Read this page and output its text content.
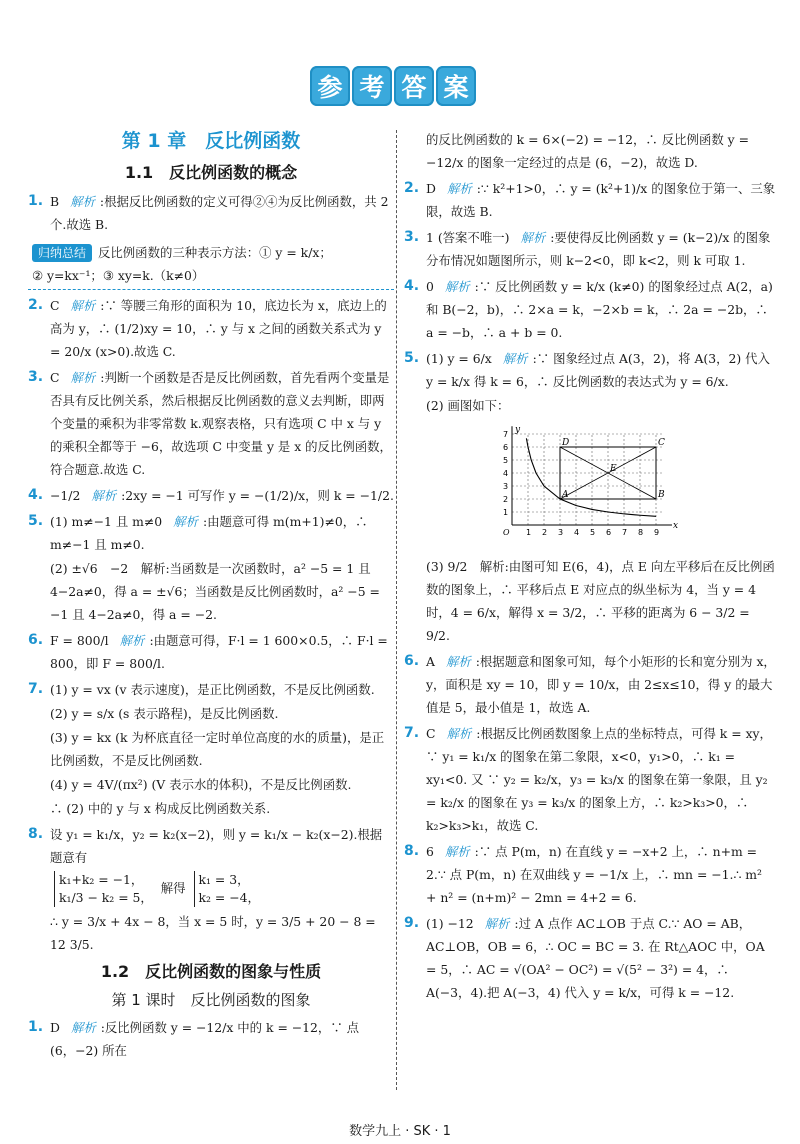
参 考 答 案
第 1 章　反比例函数
1.1　反比例函数的概念
1. B 解析 :根据反比例函数的定义可得②④为反比例函数，共 2 个.故选 B.
归纳总结 反比例函数的三种表示方法：① y = k/x；
② y=kx⁻¹；③ xy=k.（k≠0）
2. C 解析 :∵ 等腰三角形的面积为 10，底边长为 x，底边上的高为 y，∴ (1/2)xy = 10，∴ y 与 x 之间的函数关系式为 y = 20/x (x>0).故选 C.
3. C 解析 :判断一个函数是否是反比例函数，首先看两个变量是否具有反比例关系，然后根据反比例函数的意义去判断，即两个变量的乘积为非零常数 k.观察表格，只有选项 C 中 x 与 y 的乘积全都等于 −6，故选项 C 中变量 y 是 x 的反比例函数，符合题意.故选 C.
4. −1/2 解析 :2xy = −1 可写作 y = −(1/2)/x，则 k = −1/2.
5. (1) m≠−1 且 m≠0 解析 :由题意可得 m(m+1)≠0，∴ m≠−1 且 m≠0.
(2) ±√6　−2　解析:当函数是一次函数时，a² −5 = 1 且 4−2a≠0，得 a = ±√6；当函数是反比例函数时，a² −5 = −1 且 4−2a≠0，得 a = −2.
6. F = 800/l 解析 :由题意可得，F·l = 1 600×0.5，∴ F·l = 800，即 F = 800/l.
7. (1) y = vx (v 表示速度)，是正比例函数，不是反比例函数.
(2) y = s/x (s 表示路程)，是反比例函数.
(3) y = kx (k 为杯底直径一定时单位高度的水的质量)，是正比例函数，不是反比例函数.
(4) y = 4V/(πx²) (V 表示水的体积)，不是反比例函数.
∴ (2) 中的 y 与 x 构成反比例函数关系.
8. 设 y₁ = k₁/x，y₂ = k₂(x−2)，则 y = k₁/x − k₂(x−2).根据题意有
k₁+k₂ = −1，
k₁/3 − k₂ = 5， 解得 k₁ = 3，
k₂ = −4，
∴ y = 3/x + 4x − 8，当 x = 5 时，y = 3/5 + 20 − 8 = 12 3/5.
1.2　反比例函数的图象与性质
第 1 课时　反比例函数的图象
1. D 解析 :反比例函数 y = −12/x 中的 k = −12，∵ 点 (6，−2) 所在
的反比例函数的 k = 6×(−2) = −12，∴ 反比例函数 y = −12/x 的图象一定经过的点是 (6，−2)，故选 D.
2. D 解析 :∵ k²+1>0，∴ y = (k²+1)/x 的图象位于第一、三象限，故选 B.
3. 1 (答案不唯一) 解析 :要使得反比例函数 y = (k−2)/x 的图象分布情况如题图所示，则 k−2<0，即 k<2，则 k 可取 1.
4. 0 解析 :∵ 反比例函数 y = k/x (k≠0) 的图象经过点 A(2，a) 和 B(−2，b)，∴ 2×a = k，−2×b = k，∴ 2a = −2b，∴ a = −b，∴ a + b = 0.
5. (1) y = 6/x 解析 :∵ 图象经过点 A(3，2)，将 A(3，2) 代入 y = k/x 得 k = 6，∴ 反比例函数的表达式为 y = 6/x.
(2) 画图如下：
A	B
C
D
E
1 2 3 4 5 6 7 8 9
1
2
3
4
5
6
7
O
x
y
(3) 9/2　解析:由图可知 E(6，4)，点 E 向左平移后在反比例函数的图象上，∴ 平移后点 E 对应点的纵坐标为 4，当 y = 4 时，4 = 6/x，解得 x = 3/2，∴ 平移的距离为 6 − 3/2 = 9/2.
6. A 解析 :根据题意和图象可知，每个小矩形的长和宽分别为 x，y，面积是 xy = 10，即 y = 10/x，由 2≤x≤10，得 y 的最大值是 5，最小值是 1，故选 A.
7. C 解析 :根据反比例函数图象上点的坐标特点，可得 k = xy，∵ y₁ = k₁/x 的图象在第二象限，x<0，y₁>0，∴ k₁ = xy₁<0. 又 ∵ y₂ = k₂/x，y₃ = k₃/x 的图象在第一象限，且 y₂ = k₂/x 的图象在 y₃ = k₃/x 的图象上方，∴ k₂>k₃>0，∴ k₂>k₃>k₁，故选 C.
8. 6 解析 :∵ 点 P(m，n) 在直线 y = −x+2 上，∴ n+m = 2.∵ 点 P(m，n) 在双曲线 y = −1/x 上，∴ mn = −1.∴ m² + n² = (n+m)² − 2mn = 4+2 = 6.
9. (1) −12 解析 :过 A 点作 AC⊥OB 于点 C.∵ AO = AB，AC⊥OB，OB = 6，∴ OC = BC = 3. 在 Rt△AOC 中，OA = 5，∴ AC = √(OA² − OC²) = √(5² − 3²) = 4，∴ A(−3，4).把 A(−3，4) 代入 y = k/x，可得 k = −12.
数学九上 · SK · 1
